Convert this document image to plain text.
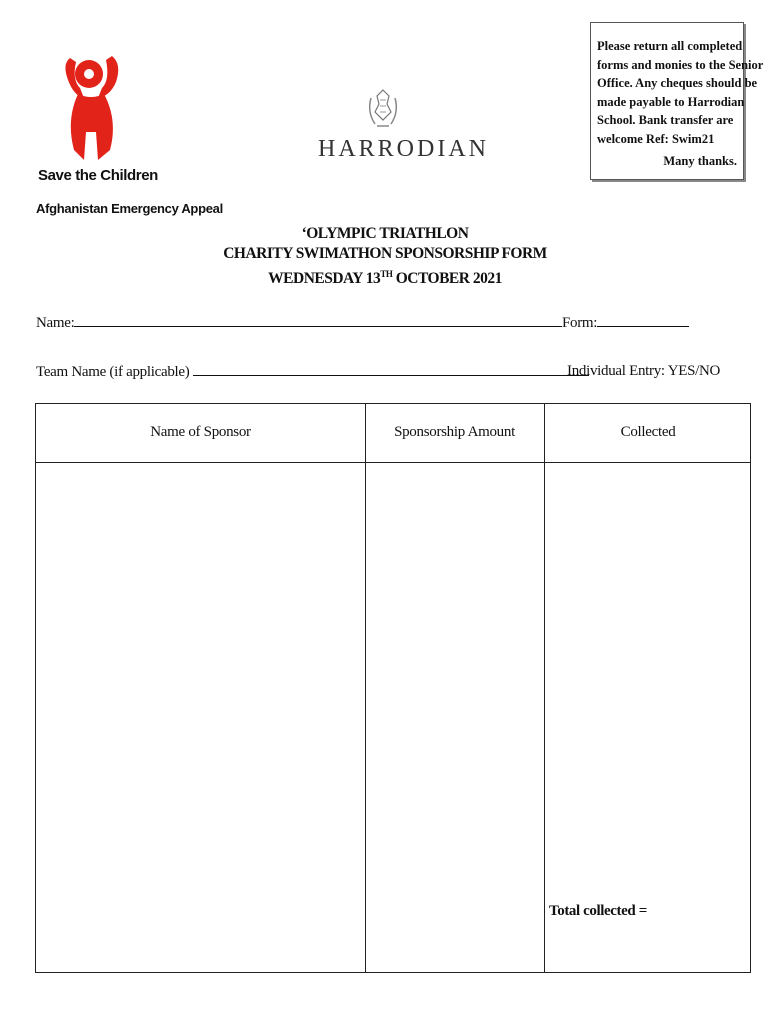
Save the Children
HARRODIAN
Please return all completed
forms and monies to the Senior
Office. Any cheques should be
made payable to Harrodian
School. Bank transfer are
welcome Ref: Swim21
Many thanks.
Afghanistan Emergency Appeal
‘OLYMPIC TRIATHLON
CHARITY SWIMATHON SPONSORSHIP FORM
WEDNESDAY 13TH OCTOBER 2021
Name:	Form:
Team Name (if applicable)	Individual Entry: YES/NO
Name of Sponsor	Sponsorship Amount	Collected
Total collected =
